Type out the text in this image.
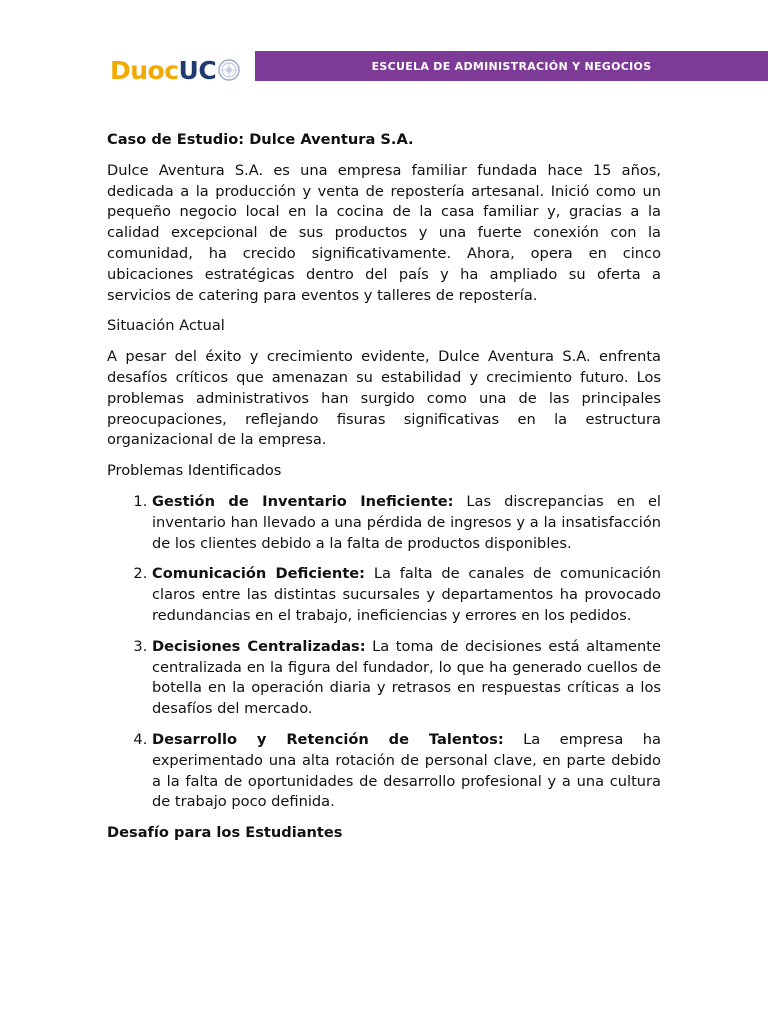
Duoc UC	ESCUELA DE ADMINISTRACIÓN Y NEGOCIOS

Caso de Estudio: Dulce Aventura S.A.

Dulce Aventura S.A. es una empresa familiar fundada hace 15 años, dedicada a la producción y venta de repostería artesanal. Inició como un pequeño negocio local en la cocina de la casa familiar y, gracias a la calidad excepcional de sus productos y una fuerte conexión con la comunidad, ha crecido significativamente. Ahora, opera en cinco ubicaciones estratégicas dentro del país y ha ampliado su oferta a servicios de catering para eventos y talleres de repostería.

Situación Actual

A pesar del éxito y crecimiento evidente, Dulce Aventura S.A. enfrenta desafíos críticos que amenazan su estabilidad y crecimiento futuro. Los problemas administrativos han surgido como una de las principales preocupaciones, reflejando fisuras significativas en la estructura organizacional de la empresa.

Problemas Identificados

1. Gestión de Inventario Ineficiente: Las discrepancias en el inventario han llevado a una pérdida de ingresos y a la insatisfacción de los clientes debido a la falta de productos disponibles.
2. Comunicación Deficiente: La falta de canales de comunicación claros entre las distintas sucursales y departamentos ha provocado redundancias en el trabajo, ineficiencias y errores en los pedidos.
3. Decisiones Centralizadas: La toma de decisiones está altamente centralizada en la figura del fundador, lo que ha generado cuellos de botella en la operación diaria y retrasos en respuestas críticas a los desafíos del mercado.
4. Desarrollo y Retención de Talentos: La empresa ha experimentado una alta rotación de personal clave, en parte debido a la falta de oportunidades de desarrollo profesional y a una cultura de trabajo poco definida.

Desafío para los Estudiantes
